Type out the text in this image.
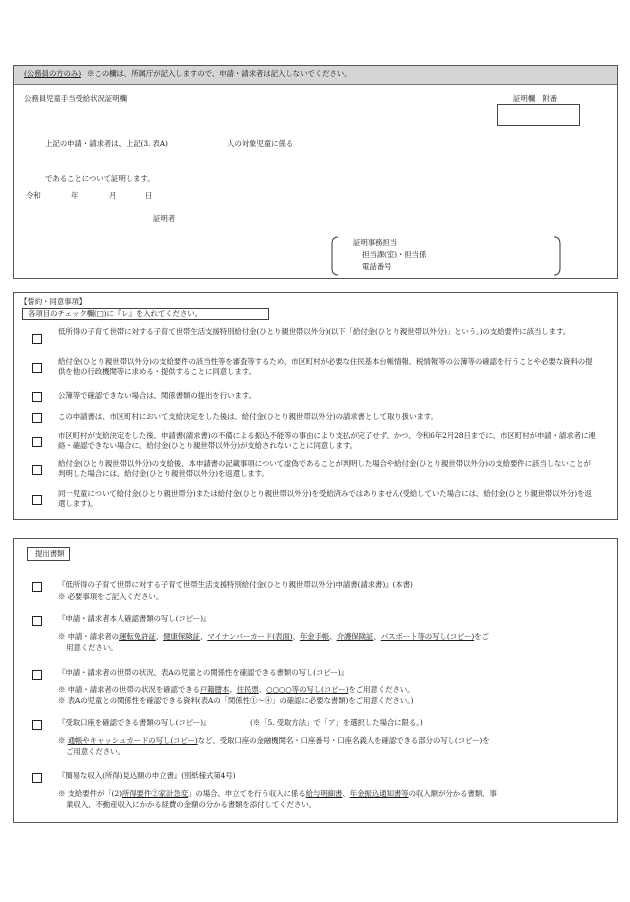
(公務員の方のみ) ※この欄は、所属庁が記入しますので、申請・請求者は記入しないでください。
公務員児童手当受給状況証明欄	証明欄　附番
上記の申請・請求者は、上記(3. 表A)	人の対象児童に係る
であることについて証明します。
令和	年	月	日
証明者
証明事務担当
担当課(室)・担当係
電話番号
【誓約・同意事項】
各項目のチェック欄(□)に『レ』を入れてください。
低所得の子育て世帯に対する子育て世帯生活支援特別給付金(ひとり親世帯以外分)(以下「給付金(ひとり親世帯以外分)」という。)の支給要件に該当します。
給付金(ひとり親世帯以外分)の支給要件の該当性等を審査等するため、市区町村が必要な住民基本台帳情報、税情報等の公簿等の確認を行うことや必要な資料の提供を他の行政機関等に求める・提供することに同意します。
公簿等で確認できない場合は、関係書類の提出を行います。
この申請書は、市区町村において支給決定をした後は、給付金(ひとり親世帯以外分)の請求書として取り扱います。
市区町村が支給決定をした後、申請書(請求書)の不備による振込不能等の事由により支払が完了せず、かつ、令和6年2月28日までに、市区町村が申請・請求者に連絡・確認できない場合に、給付金(ひとり親世帯以外分)が支給されないことに同意します。
給付金(ひとり親世帯以外分)の支給後、本申請書の記載事項について虚偽であることが判明した場合や給付金(ひとり親世帯以外分)の支給要件に該当しないことが判明した場合には、給付金(ひとり親世帯以外分)を返還します。
同一児童について給付金(ひとり親世帯分)または給付金(ひとり親世帯以外分)を受給済みではありません(受給していた場合には、給付金(ひとり親世帯以外分)を返還します)。
提出書類
『低所得の子育て世帯に対する子育て世帯生活支援特別給付金(ひとり親世帯以外分)申請書(請求書)』(本書)
※ 必要事項をご記入ください。
『申請・請求者本人確認書類の写し(コピー)』
※ 申請・請求者の運転免許証、健康保険証、マイナンバーカード(表面)、年金手帳、介護保険証、パスポート等の写し(コピー)をご
用意ください。
『申請・請求者の世帯の状況、表Aの児童との関係性を確認できる書類の写し(コピー)』
※ 申請・請求者の世帯の状況を確認できる戸籍謄本、住民票、○○○○等の写し(コピー)をご用意ください。
※ 表Aの児童との関係性を確認できる資料(表Aの「関係性①〜④」の確認に必要な書類)をご用意ください。)
『受取口座を確認できる書類の写し(コピー)』	(※「5. 受取方法」で「ア」を選択した場合に限る。)
※ 通帳やキャッシュカードの写し(コピー)など、受取口座の金融機関名・口座番号・口座名義人を確認できる部分の写し(コピー)を
ご用意ください。
『簡易な収入(所得)見込額の申立書』(別紙様式第4号)
※ 支給要件が「(2)所得要件②家計急変」の場合、申立てを行う収入に係る給与明細書、年金振込通知書等の収入額が分かる書類、事
業収入、不動産収入にかかる経費の金額の分かる書類を添付してください。
